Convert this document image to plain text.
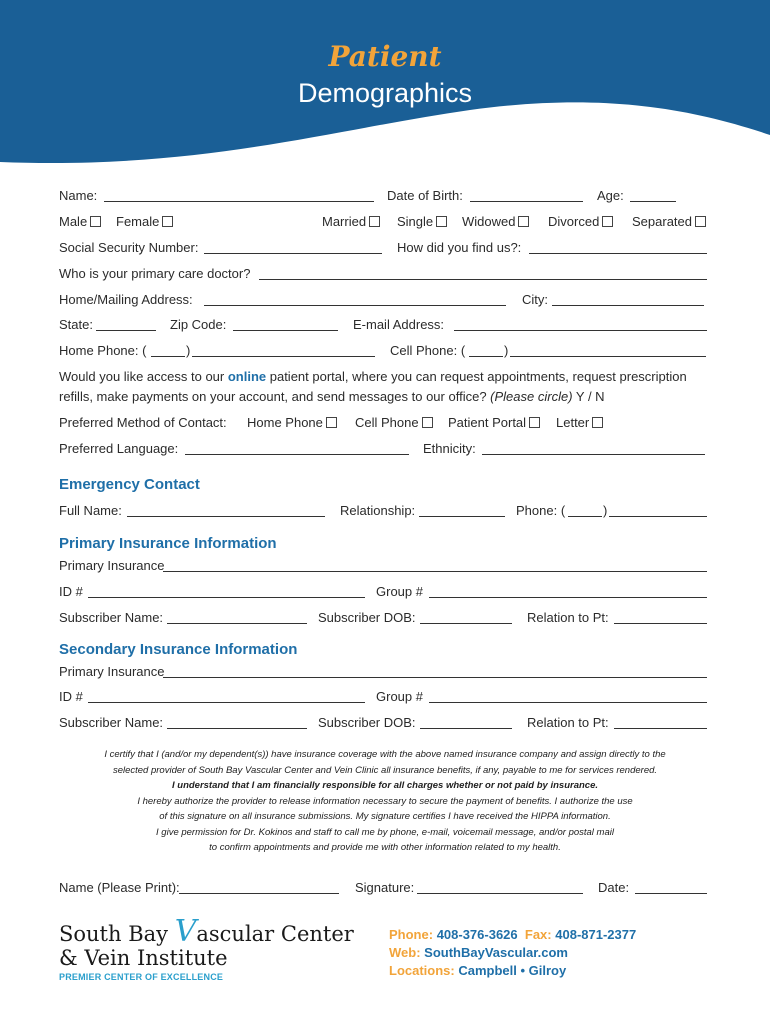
Patient
Demographics
Name:	Date of Birth:	Age:
Male	Female	Married	Single	Widowed	Divorced	Separated
Social Security Number:	How did you find us?:
Who is your primary care doctor?
Home/Mailing Address:	City:
State:	Zip Code:	E-mail Address:
Home Phone: (	)	Cell Phone: (	)
Would you like access to our online patient portal, where you can request appointments, request prescription
refills, make payments on your account, and send messages to our office? (Please circle) Y / N
Preferred Method of Contact: Home Phone	Cell Phone	Patient Portal	Letter
Preferred Language:	Ethnicity:
Emergency Contact
Full Name:	Relationship:	Phone: (	)
Primary Insurance Information
Primary Insurance
ID #	Group #
Subscriber Name:	Subscriber DOB:	Relation to Pt:
Secondary Insurance Information
Primary Insurance
ID #	Group #
Subscriber Name:	Subscriber DOB:	Relation to Pt:
I certify that I (and/or my dependent(s)) have insurance coverage with the above named insurance company and assign directly to the
selected provider of South Bay Vascular Center and Vein Clinic all insurance benefits, if any, payable to me for services rendered.
I understand that I am financially responsible for all charges whether or not paid by insurance.
I hereby authorize the provider to release information necessary to secure the payment of benefits. I authorize the use
of this signature on all insurance submissions. My signature certifies I have received the HIPPA information.
I give permission for Dr. Kokinos and staff to call me by phone, e-mail, voicemail message, and/or postal mail
to confirm appointments and provide me with other information related to my health.
Name (Please Print):	Signature:	Date:
South Bay Vascular Center
& Vein Institute
PREMIER CENTER OF EXCELLENCE
Phone: 408-376-3626 Fax: 408-871-2377
Web: SouthBayVascular.com
Locations: Campbell • Gilroy
